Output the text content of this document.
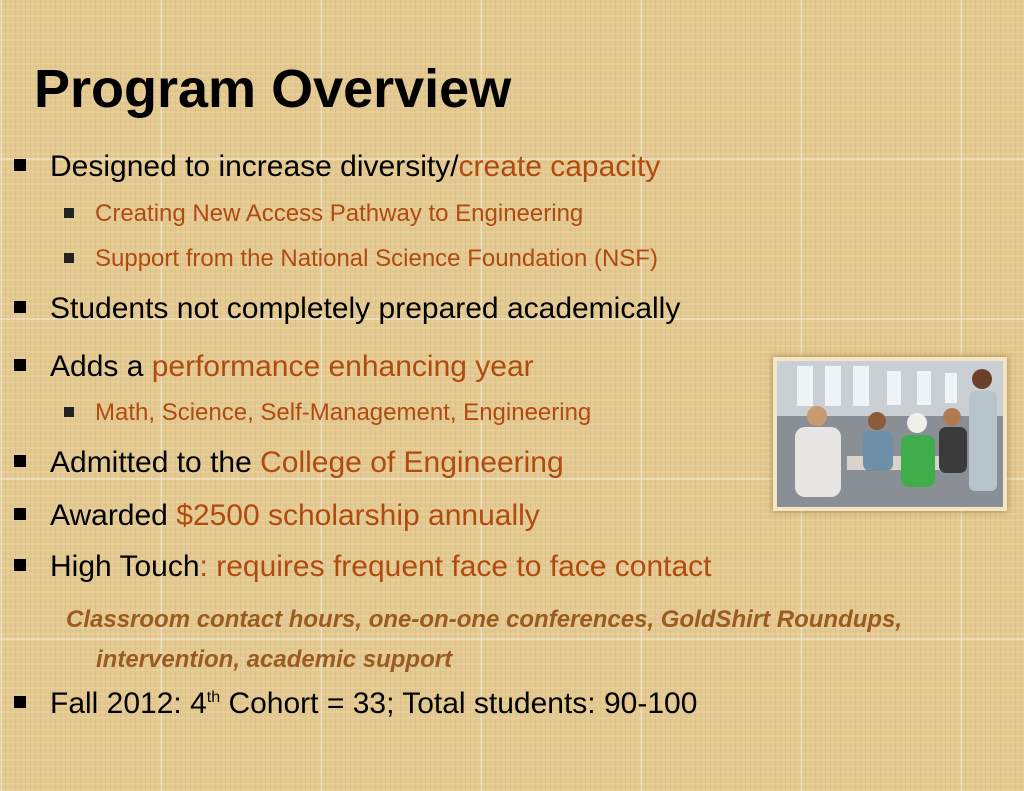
Program Overview
Designed to increase diversity/create capacity
Creating New Access Pathway to Engineering
Support from the National Science Foundation (NSF)
Students not completely prepared academically
Adds a performance enhancing year
Math, Science, Self-Management, Engineering
Admitted to the College of Engineering
Awarded $2500 scholarship annually
High Touch: requires frequent face to face contact
Classroom contact hours, one-on-one conferences, GoldShirt Roundups, intervention, academic support
Fall 2012: 4th Cohort = 33; Total students: 90-100
